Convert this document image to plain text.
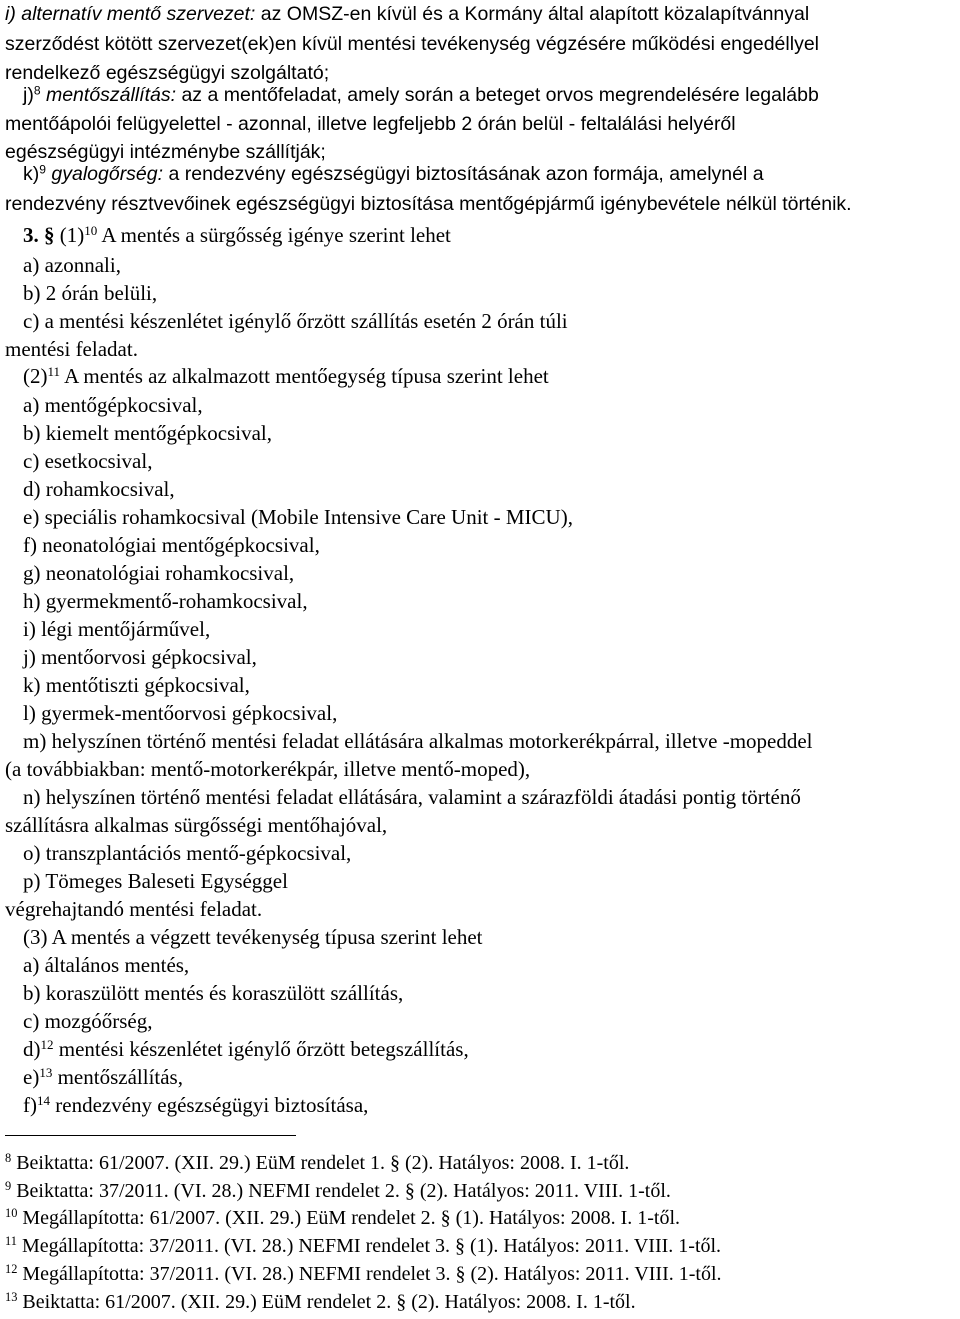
i) alternatív mentő szervezet: az OMSZ-en kívül és a Kormány által alapított közalapítvánnyal
szerződést kötött szervezet(ek)en kívül mentési tevékenység végzésére működési engedéllyel
rendelkező egészségügyi szolgáltató;
j)$^8$ mentőszállítás: az a mentőfeladat, amely során a beteget orvos megrendelésére legalább
mentőápolói felügyelettel - azonnal, illetve legfeljebb 2 órán belül - feltalálási helyéről
egészségügyi intézménybe szállítják;
k)$^9$ gyalogőrség: a rendezvény egészségügyi biztosításának azon formája, amelynél a
rendezvény résztvevőinek egészségügyi biztosítása mentőgépjármű igénybevétele nélkül történik.
3. § $(1)^{10}$ A mentés a sürgősség igénye szerint lehet
a) azonnali,
b) 2 órán belüli,
c) a mentési készenlétet igénylő őrzött szállítás esetén 2 órán túli
mentési feladat.
$(2)^{11}$ A mentés az alkalmazott mentőegység típusa szerint lehet
a) mentőgépkocsival,
b) kiemelt mentőgépkocsival,
c) esetkocsival,
d) rohamkocsival,
e) speciális rohamkocsival (Mobile Intensive Care Unit - MICU),
f) neonatológiai mentőgépkocsival,
g) neonatológiai rohamkocsival,
h) gyermekmentő-rohamkocsival,
i) légi mentőjárművel,
j) mentőorvosi gépkocsival,
k) mentőtiszti gépkocsival,
l) gyermek-mentőorvosi gépkocsival,
m) helyszínen történő mentési feladat ellátására alkalmas motorkerékpárral, illetve -mopeddel
(a továbbiakban: mentő-motorkerékpár, illetve mentő-moped),
n) helyszínen történő mentési feladat ellátására, valamint a szárazföldi átadási pontig történő
szállításra alkalmas sürgősségi mentőhajóval,
o) transzplantációs mentő-gépkocsival,
p) Tömeges Baleseti Egységgel
végrehajtandó mentési feladat.
(3) A mentés a végzett tevékenység típusa szerint lehet
a) általános mentés,
b) koraszülött mentés és koraszülött szállítás,
c) mozgóőrség,
d)$^{12}$ mentési készenlétet igénylő őrzött betegszállítás,
e)$^{13}$ mentőszállítás,
f)$^{14}$ rendezvény egészségügyi biztosítása,
$^8$ Beiktatta: 61/2007. (XII. 29.) EüM rendelet 1. § (2). Hatályos: 2008. I. 1-től.
$^9$ Beiktatta: 37/2011. (VI. 28.) NEFMI rendelet 2. § (2). Hatályos: 2011. VIII. 1-től.
$^{10}$ Megállapította: 61/2007. (XII. 29.) EüM rendelet 2. § (1). Hatályos: 2008. I. 1-től.
$^{11}$ Megállapította: 37/2011. (VI. 28.) NEFMI rendelet 3. § (1). Hatályos: 2011. VIII. 1-től.
$^{12}$ Megállapította: 37/2011. (VI. 28.) NEFMI rendelet 3. § (2). Hatályos: 2011. VIII. 1-től.
$^{13}$ Beiktatta: 61/2007. (XII. 29.) EüM rendelet 2. § (2). Hatályos: 2008. I. 1-től.
